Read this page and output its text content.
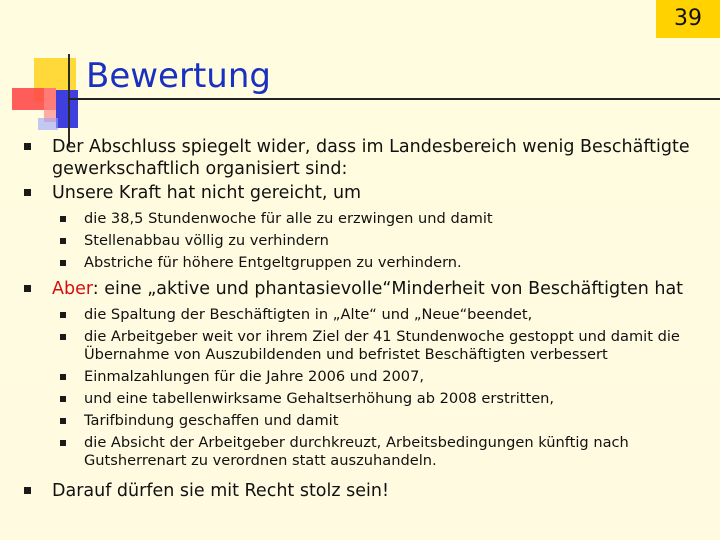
39
Bewertung
Der Abschluss spiegelt wider, dass im Landesbereich wenig Beschäftigte gewerkschaftlich organisiert sind:
Unsere Kraft hat nicht gereicht, um
die 38,5 Stundenwoche für alle zu erzwingen und damit
Stellenabbau völlig zu verhindern
Abstriche für höhere Entgeltgruppen zu verhindern.
Aber: eine „aktive und phantasievolle“Minderheit von Beschäftigten hat
die Spaltung der Beschäftigten in „Alte“ und „Neue“beendet,
die Arbeitgeber weit vor ihrem Ziel der 41 Stundenwoche gestoppt und damit die Übernahme von Auszubildenden und befristet Beschäftigten verbessert
Einmalzahlungen für die Jahre 2006 und 2007,
und eine tabellenwirksame Gehaltserhöhung ab 2008 erstritten,
Tarifbindung geschaffen und damit
die Absicht der Arbeitgeber durchkreuzt, Arbeitsbedingungen künftig nach Gutsherrenart zu verordnen statt auszuhandeln.
Darauf dürfen sie mit Recht stolz sein!
